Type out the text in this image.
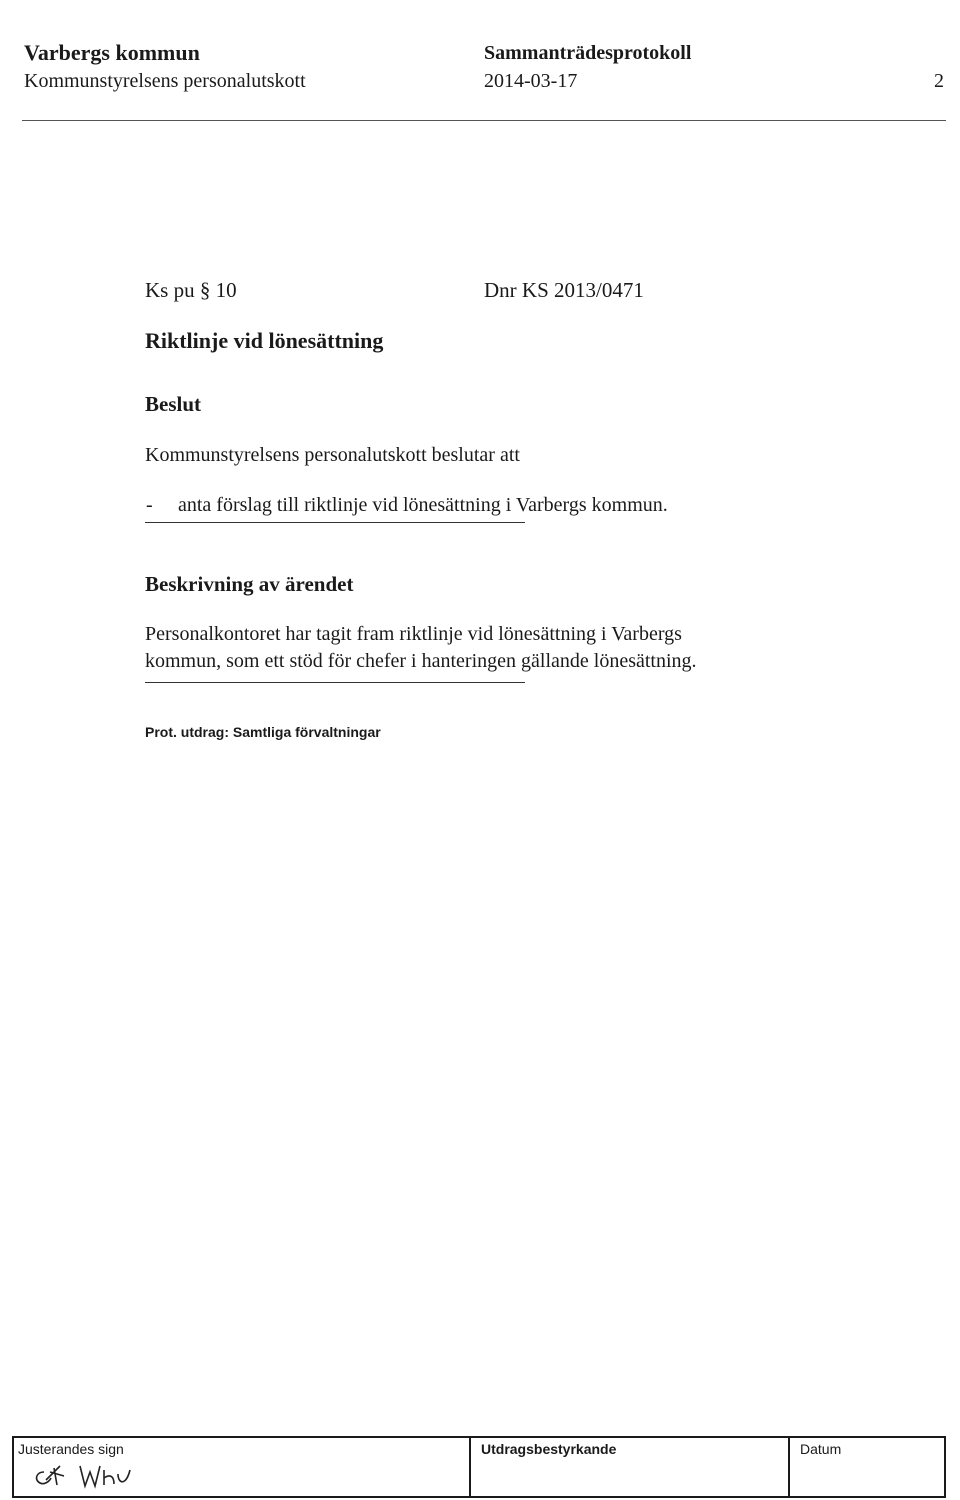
Varbergs kommun
Kommunstyrelsens personalutskott
Sammanträdesprotokoll
2014-03-17	2
Ks pu § 10	Dnr KS 2013/0471
Riktlinje vid lönesättning
Beslut
Kommunstyrelsens personalutskott beslutar att
- anta förslag till riktlinje vid lönesättning i Varbergs kommun.
Beskrivning av ärendet
Personalkontoret har tagit fram riktlinje vid lönesättning i Varbergs
kommun, som ett stöd för chefer i hanteringen gällande lönesättning.
Prot. utdrag: Samtliga förvaltningar
Justerandes sign	Utdragsbestyrkande	Datum
